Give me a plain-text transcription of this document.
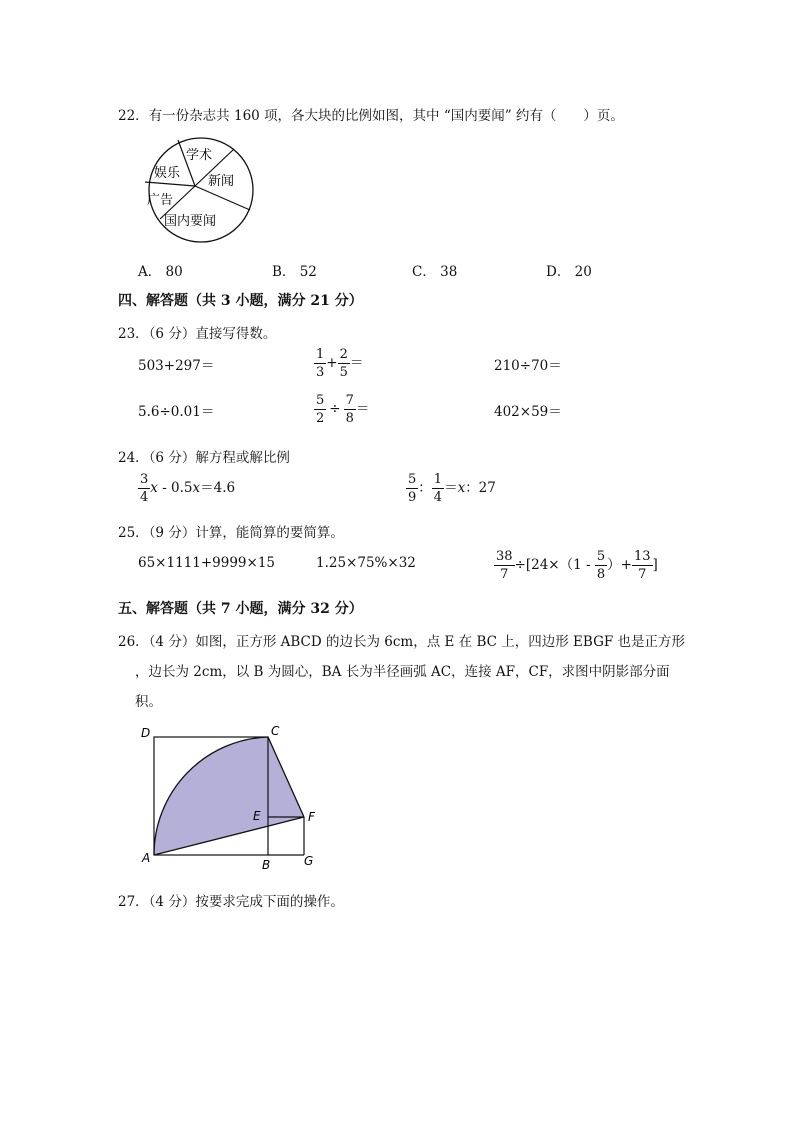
22．有一份杂志共 160 项，各大块的比例如图，其中 “国内要闻” 约有（　　）页。
学术
娱乐
新闻
广告
国内要闻
A． 80	B． 52	C． 38	D． 20
四、解答题（共 3 小题，满分 21 分）
23．（6 分）直接写得数。
503+297＝	$\frac{1}{3} + \frac{2}{5}$ ＝	210÷70＝
5.6÷0.01＝	$\frac{5}{2} \div \frac{7}{8}$ ＝	402×59＝
24．（6 分）解方程或解比例
$\frac{3}{4}$ x - 0.5x＝4.6	$\frac{5}{9}$ ： $\frac{1}{4} =x$：27
25．（9 分）计算，能简算的要简算。
65×1111+9999×15	1.25×75%×32	$\frac{38}{7} \div[24\times(1 - \frac{5}{8}$ ）+ $\frac{13}{7}$ ]
五、解答题（共 7 小题，满分 32 分）
26．（4 分）如图，正方形 ABCD 的边长为 6cm，点 E 在 BC 上，四边形 EBGF 也是正方形
，边长为 2cm，以 B 为圆心，BA 长为半径画弧 AC，连接 AF，CF，求图中阴影部分面
积。
D	C
E	F
A	B	G
27．（4 分）按要求完成下面的操作。
